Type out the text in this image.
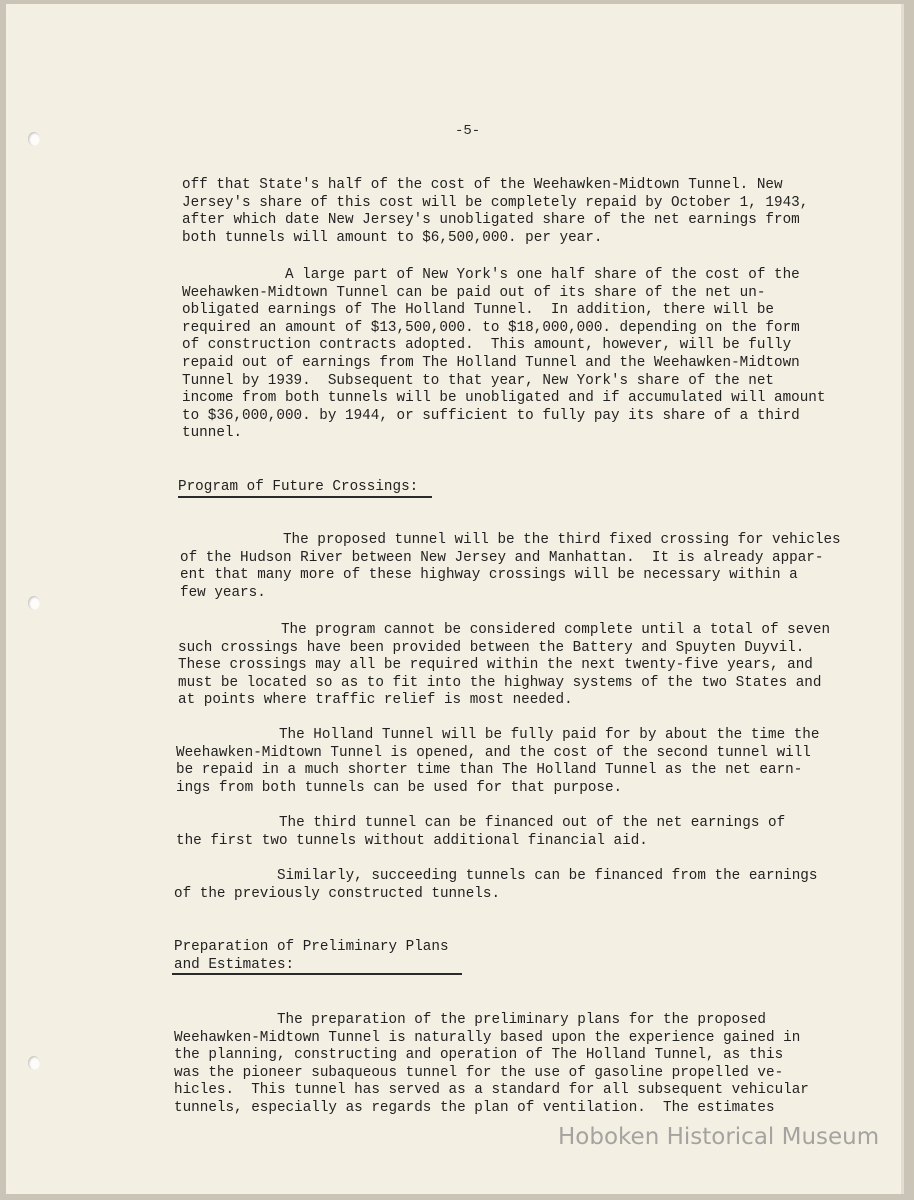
-5-
off that State's half of the cost of the Weehawken-Midtown Tunnel. New
Jersey's share of this cost will be completely repaid by October 1, 1943,
after which date New Jersey's unobligated share of the net earnings from
both tunnels will amount to $6,500,000. per year.
A large part of New York's one half share of the cost of the
Weehawken-Midtown Tunnel can be paid out of its share of the net un-
obligated earnings of The Holland Tunnel.  In addition, there will be
required an amount of $13,500,000. to $18,000,000. depending on the form
of construction contracts adopted.  This amount, however, will be fully
repaid out of earnings from The Holland Tunnel and the Weehawken-Midtown
Tunnel by 1939.  Subsequent to that year, New York's share of the net
income from both tunnels will be unobligated and if accumulated will amount
to $36,000,000. by 1944, or sufficient to fully pay its share of a third
tunnel.
Program of Future Crossings:
The proposed tunnel will be the third fixed crossing for vehicles
of the Hudson River between New Jersey and Manhattan.  It is already appar-
ent that many more of these highway crossings will be necessary within a
few years.
The program cannot be considered complete until a total of seven
such crossings have been provided between the Battery and Spuyten Duyvil.
These crossings may all be required within the next twenty-five years, and
must be located so as to fit into the highway systems of the two States and
at points where traffic relief is most needed.
The Holland Tunnel will be fully paid for by about the time the
Weehawken-Midtown Tunnel is opened, and the cost of the second tunnel will
be repaid in a much shorter time than The Holland Tunnel as the net earn-
ings from both tunnels can be used for that purpose.
The third tunnel can be financed out of the net earnings of
the first two tunnels without additional financial aid.
Similarly, succeeding tunnels can be financed from the earnings
of the previously constructed tunnels.
Preparation of Preliminary Plans
and Estimates:
The preparation of the preliminary plans for the proposed
Weehawken-Midtown Tunnel is naturally based upon the experience gained in
the planning, constructing and operation of The Holland Tunnel, as this
was the pioneer subaqueous tunnel for the use of gasoline propelled ve-
hicles.  This tunnel has served as a standard for all subsequent vehicular
tunnels, especially as regards the plan of ventilation.  The estimates
Hoboken Historical Museum
